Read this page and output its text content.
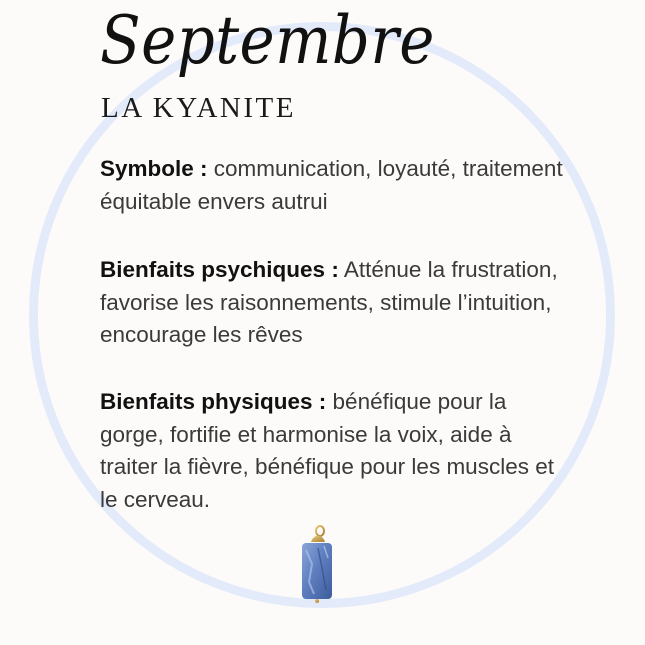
Septembre
LA KYANITE
Symbole : communication, loyauté, traitement équitable envers autrui
Bienfaits psychiques : Atténue la frustration, favorise les raisonnements, stimule l’intuition, encourage les rêves
Bienfaits physiques : bénéfique pour la gorge, fortifie et harmonise la voix, aide à traiter la fièvre, bénéfique pour les muscles et le cerveau.
